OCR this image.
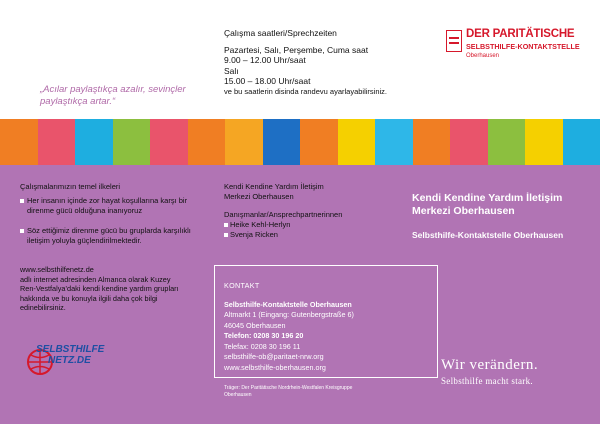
„Acılar paylaştıkça azalır, sevinçler paylaştıkça artar.“
Çalışma saatleri/Sprechzeiten
Pazartesi, Salı, Perşembe, Cuma saat
9.00 – 12.00 Uhr/saat
Salı
15.00 – 18.00 Uhr/saat
ve bu saatlerin disinda randevu ayarlayabilirsiniz.
DER PARITÄTISCHE
SELBSTHILFE-KONTAKTSTELLE
Oberhausen
Çalışmalarımızın temel ilkeleri
Her insanın içinde zor hayat koşullarına karşı bir direnme gücü olduğuna inanıyoruz
Söz ettiğimiz direnme gücü bu gruplarda karşılıklı iletişim yoluyla güçlendirilmektedir.
www.selbsthilfenetz.de
adlı internet adresinden Almanca olarak Kuzey Ren-Vestfalya’daki kendi kendine yardım grupları hakkında ve bu konuyla ilgili daha çok bilgi edinebilirsiniz.
SELBSTHILFE
NETZ.DE
Kendi Kendine Yardım İletişim
Merkezi Oberhausen
Danışmanlar/Ansprechpartnerinnen
Heike Kehl-Herlyn
Svenja Ricken
Kendi Kendine Yardım İletişim Merkezi Oberhausen
Selbsthilfe-Kontaktstelle Oberhausen
KONTAKT
Selbsthilfe-Kontaktstelle Oberhausen
Altmarkt 1 (Eingang: Gutenbergstraße 6)
46045 Oberhausen
Telefon: 0208 30 196 20
Telefax: 0208 30 196 11
selbsthilfe-ob@paritaet-nrw.org
www.selbsthilfe-oberhausen.org
Träger: Der Paritätische Nordrhein-Westfalen Kreisgruppe Oberhausen
Wir verändern.
Selbsthilfe macht stark.
